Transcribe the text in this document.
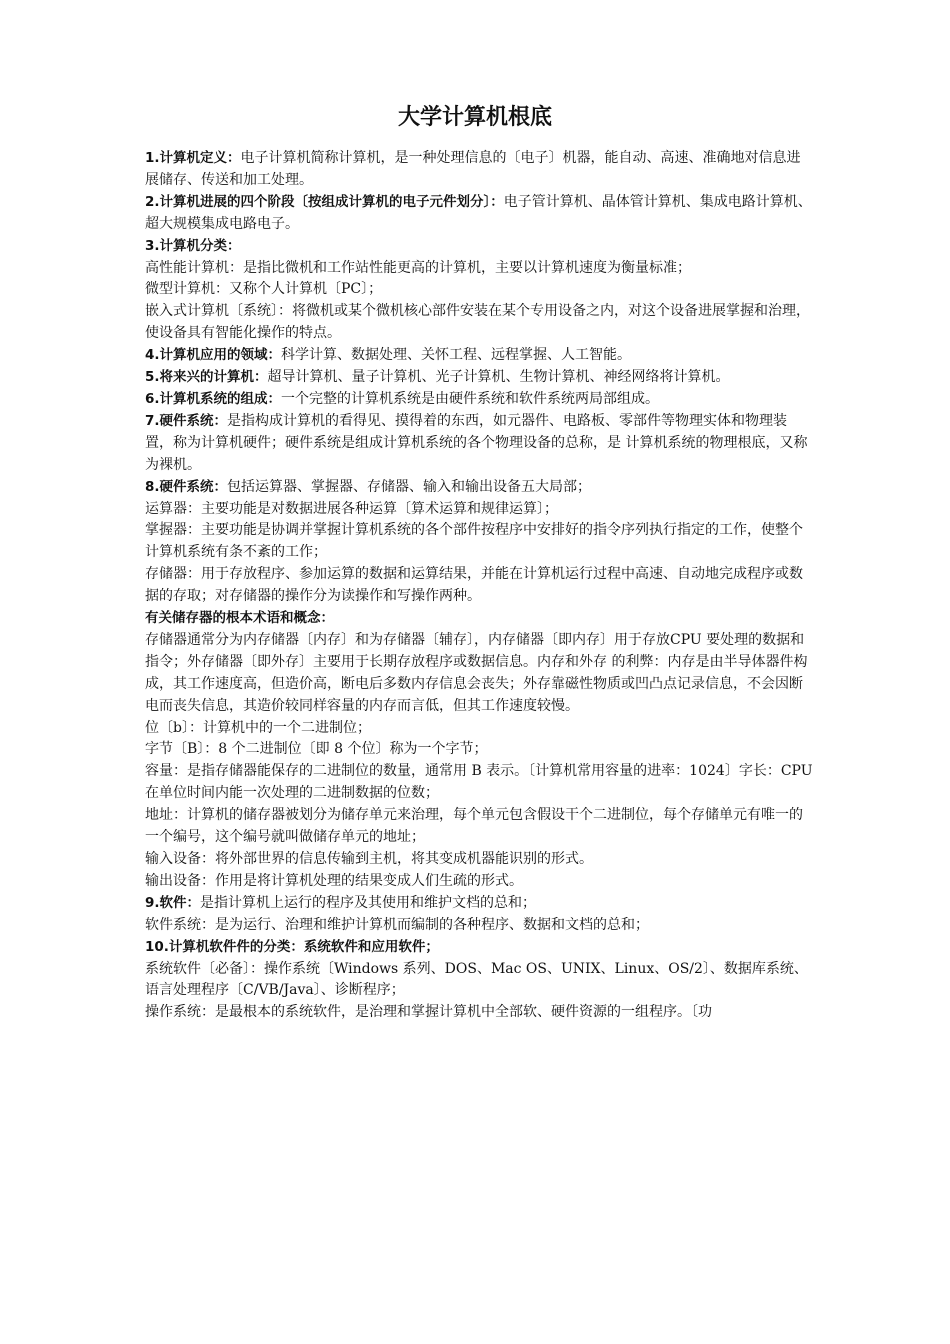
大学计算机根底

1.计算机定义：电子计算机简称计算机，是一种处理信息的〔电子〕机器，能自动、高速、准确地对信息进展储存、传送和加工处理。

2.计算机进展的四个阶段〔按组成计算机的电子元件划分〕：电子管计算机、晶体管计算机、集成电路计算机、超大规模集成电路电子。

3.计算机分类：

高性能计算机：是指比微机和工作站性能更高的计算机，主要以计算机速度为衡量标准；

微型计算机：又称个人计算机〔PC〕；

嵌入式计算机〔系统〕：将微机或某个微机核心部件安装在某个专用设备之内，对这个设备进展掌握和治理，使设备具有智能化操作的特点。

4.计算机应用的领域：科学计算、数据处理、关怀工程、远程掌握、人工智能。

5.将来兴的计算机：超导计算机、量子计算机、光子计算机、生物计算机、神经网络将计算机。

6.计算机系统的组成：一个完整的计算机系统是由硬件系统和软件系统两局部组成。

7.硬件系统：是指构成计算机的看得见、摸得着的东西，如元器件、电路板、零部件等物理实体和物理装置，称为计算机硬件；硬件系统是组成计算机系统的各个物理设备的总称，是 计算机系统的物理根底，又称为裸机。

8.硬件系统：包括运算器、掌握器、存储器、输入和输出设备五大局部；

运算器：主要功能是对数据进展各种运算〔算术运算和规律运算〕；

掌握器：主要功能是协调并掌握计算机系统的各个部件按程序中安排好的指令序列执行指定的工作，使整个计算机系统有条不紊的工作；

存储器：用于存放程序、参加运算的数据和运算结果，并能在计算机运行过程中高速、自动地完成程序或数据的存取；对存储器的操作分为读操作和写操作两种。

有关储存器的根本术语和概念：

存储器通常分为内存储器〔内存〕和为存储器〔辅存〕，内存储器〔即内存〕用于存放CPU 要处理的数据和指令；外存储器〔即外存〕主要用于长期存放程序或数据信息。内存和外存 的利弊：内存是由半导体器件构成，其工作速度高，但造价高，断电后多数内存信息会丧失；外存靠磁性物质或凹凸点记录信息，不会因断电而丧失信息，其造价较同样容量的内存而言低，但其工作速度较慢。

位〔b〕：计算机中的一个二进制位；

字节〔B〕：8 个二进制位〔即 8 个位〕称为一个字节；

容量：是指存储器能保存的二进制位的数量，通常用 B 表示。〔计算机常用容量的进率：1024〕字长：CPU 在单位时间内能一次处理的二进制数据的位数；

地址：计算机的储存器被划分为储存单元来治理，每个单元包含假设干个二进制位，每个存储单元有唯一的一个编号，这个编号就叫做储存单元的地址；

输入设备：将外部世界的信息传输到主机，将其变成机器能识别的形式。

输出设备：作用是将计算机处理的结果变成人们生疏的形式。

9.软件：是指计算机上运行的程序及其使用和维护文档的总和；

软件系统：是为运行、治理和维护计算机而编制的各种程序、数据和文档的总和；

10.计算机软件件的分类：系统软件和应用软件；

系统软件〔必备〕：操作系统〔Windows 系列、DOS、Mac OS、UNIX、Linux、OS/2〕、数据库系统、语言处理程序〔C/VB/Java〕、诊断程序；

操作系统：是最根本的系统软件，是治理和掌握计算机中全部软、硬件资源的一组程序。〔功
